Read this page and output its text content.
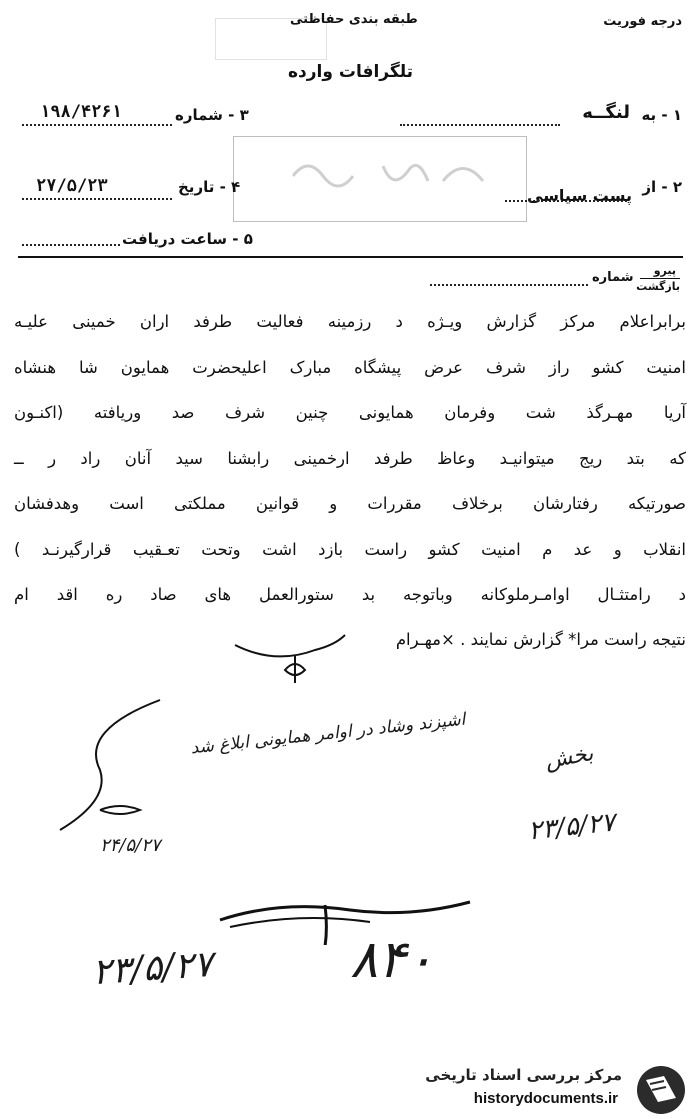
درجه فوریت
طبقه بندی حفاظتی
تلگرافات وارده
۱ - به
لنگــه
۳ - شماره
۱۹۸/۴۲۶۱
۲ - از
پست سیاسی
۴ - تاریخ
۲۷/۵/۲۳
۵ - ساعت دریافت
پیرو
بازگشت
شماره
برابراعلام مرکز گزارش ویـژه د رزمینه فعالیت طرفد اران خمینی علیـه
امنیت کشو راز شرف عرض پیشگاه مبارک اعلیحضرت همایون شا هنشاه
آریا مهـرگذ شت وفرمان همایونی چنین شرف صد وریافته (اکنـون
که بتد ریج میتوانیـد وعاظ طرفد ارخمینی رابشنا سید آنان راد ر ــ
صورتیکه رفتارشان برخلاف مقررات و قوانین مملکتی است وهدفشان
انقلاب و عد م امنیت کشو راست بازد اشت وتحت تعـقیب قرارگیرنـد )
د رامتثـال اوامـرملوکانه وباتوجه بد ستورالعمل های صاد ره اقد ام
نتیجه راست مرا* گزارش نمایند . ×مهـرام
اشپزند وشاد در اوامر همایونی ابلاغ شد
۲۴/۵/۲۷
بخش
۲۳/۵/۲۷
۸۴۰
۲۳/۵/۲۷
مرکز بررسی اسناد تاریخی
historydocuments.ir
